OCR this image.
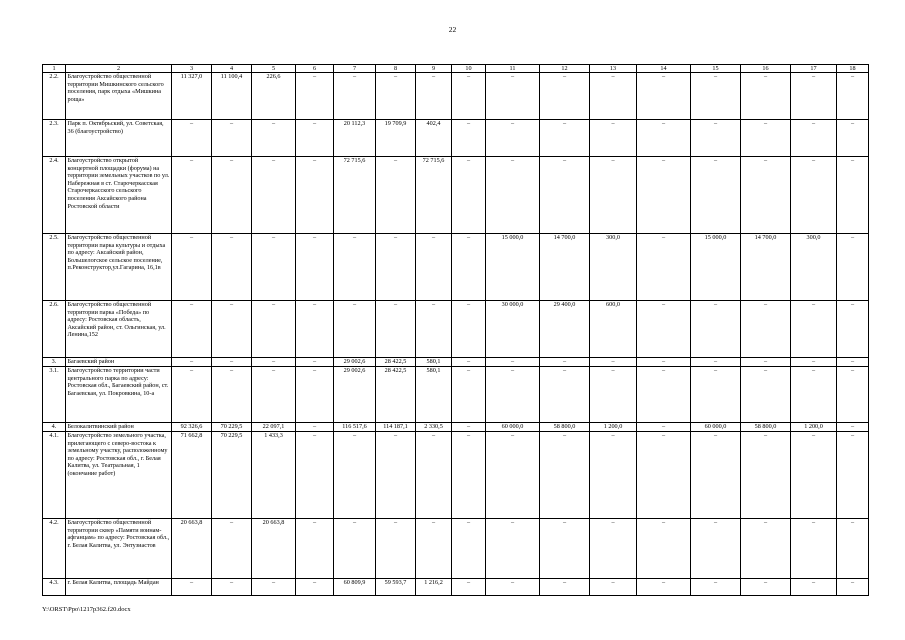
22
1	2	3	4	5	6	7	8	9	10	11	12	13	14	15	16	17	18
2.2.	Благоустройство общественной территории Мишкинского сельского поселения, парк отдыха «Мишкина роща»	11 327,0	11 100,4	226,6	–	–	–	–	–	–	–	–	–	–	–	–	–
2.3.	Парк п. Октябрьский, ул. Советская, 36 (благоустройство)	–	–	–	–	20 112,3	19 709,9	402,4	–	–	–	–	–	–	–	–	–
2.4.	Благоустройство открытой концертной площадки (форума) на территории земельных участков по ул. Набережная в ст. Старочеркасская Старочеркасского сельского поселения Аксайского района Ростовской области	–	–	–	–	72 715,6	–	72 715,6	–	–	–	–	–	–	–	–	–
2.5.	Благоустройство общественной территории парка культуры и отдыха по адресу: Аксайский район, Большелогское сельское поселение, п.Реконструктор,ул.Гагарина, 16,1в	–	–	–	–	–	–	–	–	15 000,0	14 700,0	300,0	–	15 000,0	14 700,0	300,0	–
2.6.	Благоустройство общественной территории парка «Победа» по адресу: Ростовская область, Аксайский район, ст. Ольгинская, ул. Ленина,152	–	–	–	–	–	–	–	–	30 000,0	29 400,0	600,0	–	–	–	–	–
3.	Багаевский район	–	–	–	–	29 002,6	28 422,5	580,1	–	–	–	–	–	–	–	–	–
3.1.	Благоустройство территории части центрального парка по адресу: Ростовская обл., Багаевский район, ст. Багаевская, ул. Покровкина, 10-а	–	–	–	–	29 002,6	28 422,5	580,1	–	–	–	–	–	–	–	–	–
4.	Белокалитвинский район	92 326,6	70 229,5	22 097,1	–	116 517,6	114 187,1	2 330,5	–	60 000,0	58 800,0	1 200,0	–	60 000,0	58 800,0	1 200,0	–
4.1.	Благоустройство земельного участка, прилегающего с северо-востока к земельному участку, расположенному по адресу: Ростовская обл., г. Белая Калитва, ул. Театральная, 1 (окончание работ)	71 662,8	70 229,5	1 433,3	–	–	–	–	–	–	–	–	–	–	–	–	–
4.2.	Благоустройство общественной территории сквер «Памяти воинам-афганцам» по адресу: Ростовская обл., г. Белая Калитва, ул. Энтузиастов	20 663,8	–	20 663,8	–	–	–	–	–	–	–	–	–	–	–	–	–
4.3.	г. Белая Калитва, площадь Майдан	–	–	–	–	60 809,9	59 593,7	1 216,2	–	–	–	–	–	–	–	–	–
Y:\ORST\Ppo\1217p362.f20.docx
